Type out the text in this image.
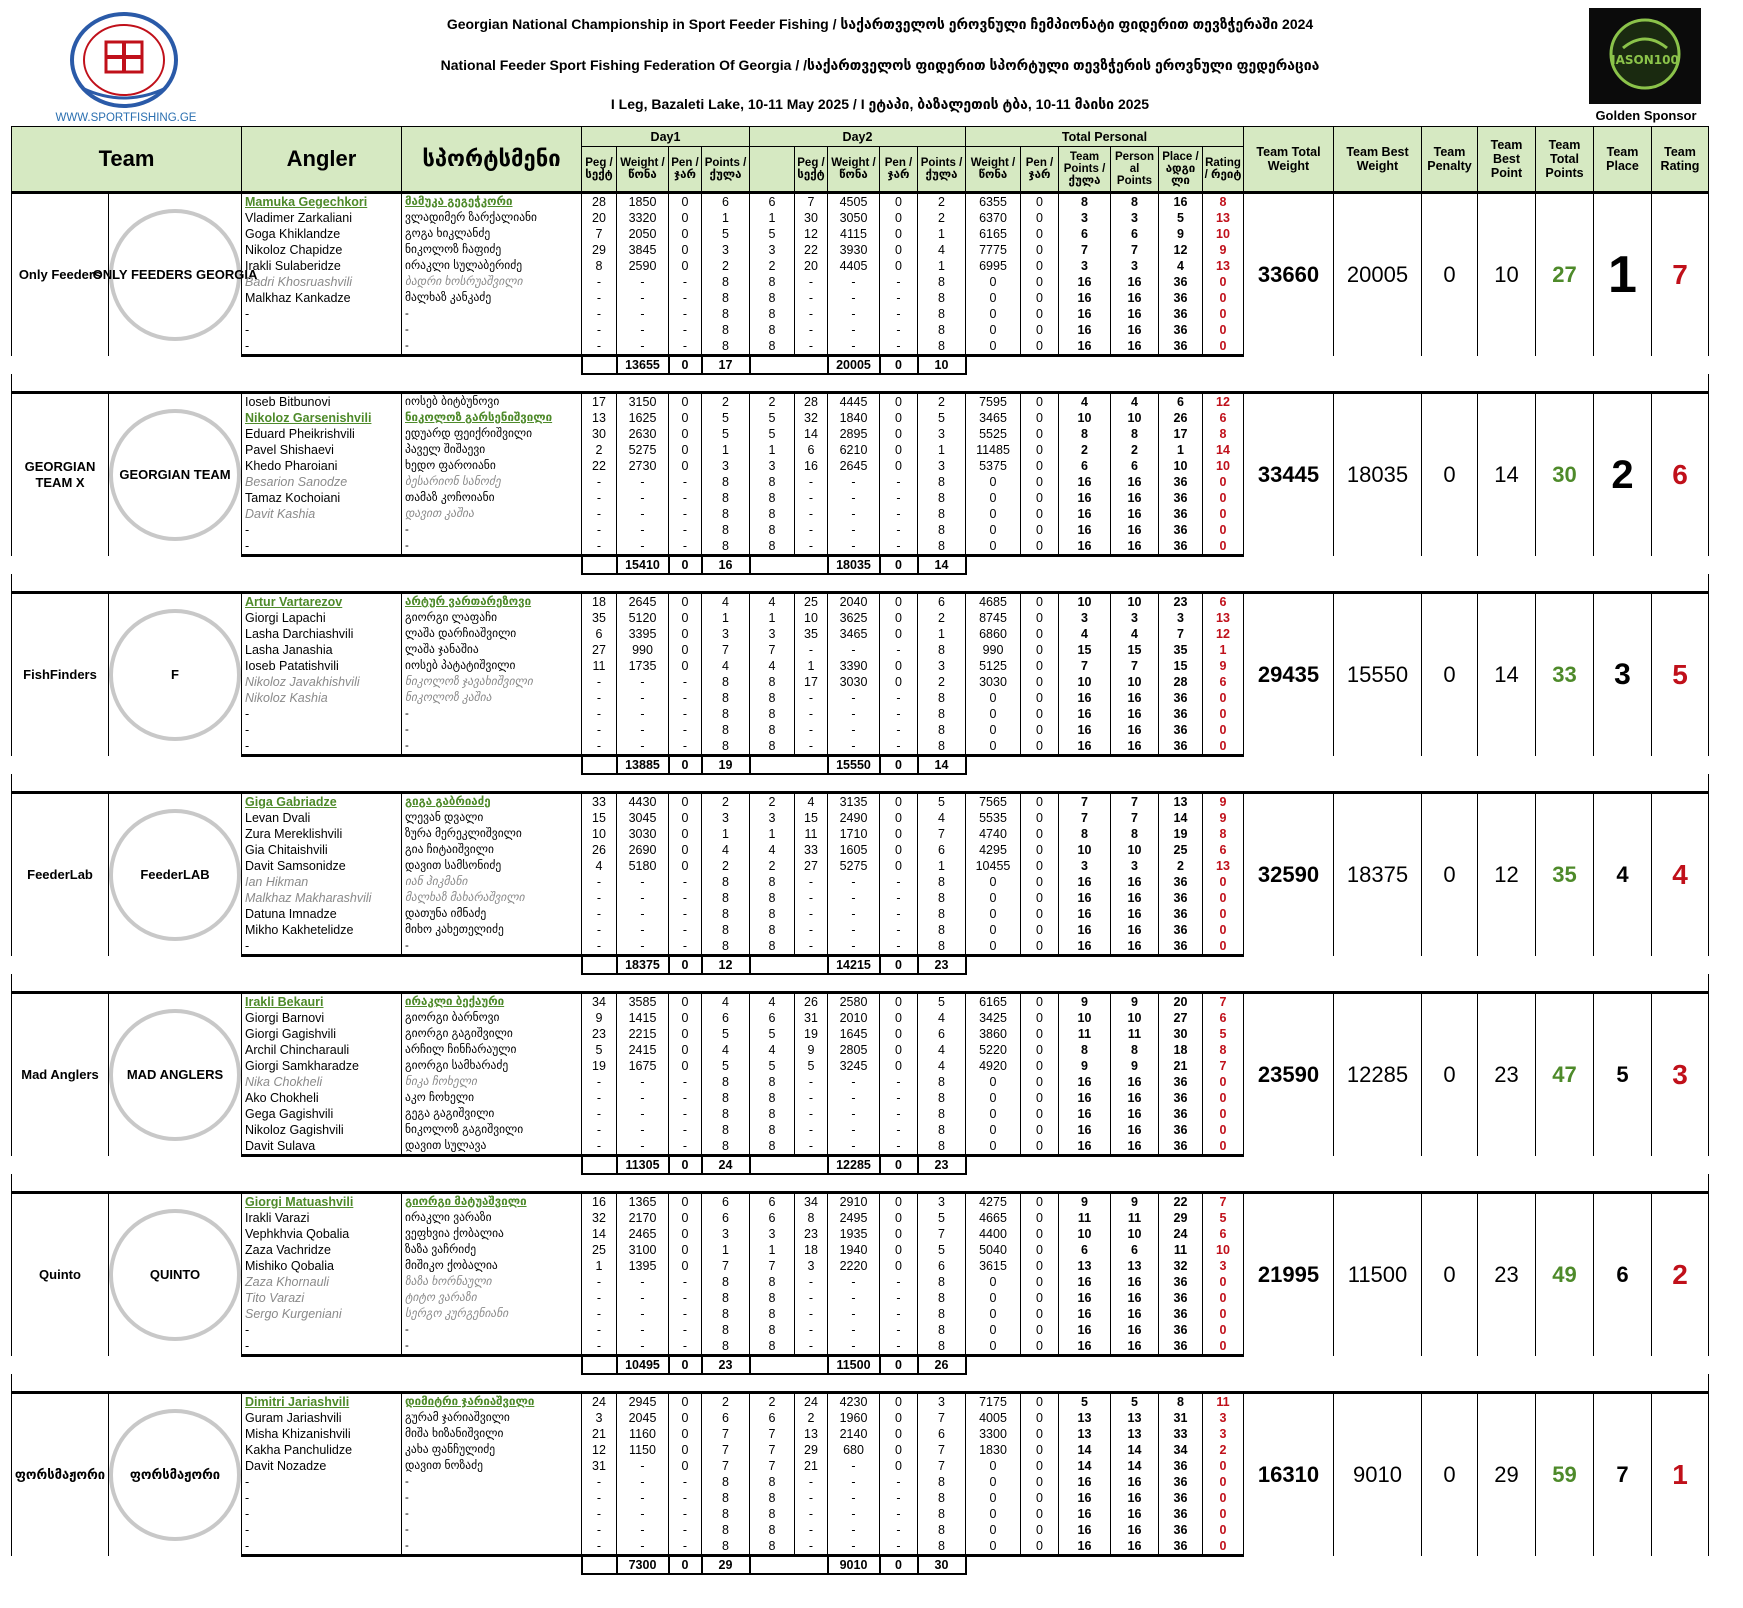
WWW.SPORTFISHING.GE
Georgian National Championship in Sport Feeder Fishing / საქართველოს ეროვნული ჩემპიონატი ფიდერით თევზჭერაში 2024
National Feeder Sport Fishing Federation Of Georgia / /საქართველოს ფიდერით სპორტული თევზჭერის ეროვნული ფედერაცია
I Leg, Bazaleti Lake, 10-11 May 2025 / I ეტაპი, ბაზალეთის ტბა, 10-11 მაისი 2025
IASON100
Golden Sponsor
Team		Angler	სპორტსმენი	Day1				Day2					Total Personal						Team Total Weight	Team Best Weight	Team Penalty	Team Best Point	Team Total Points	Team Place	Team Rating
				Peg / სექტ	Weight / წონა	Pen / ჯარ	Points / ქულა		Peg / სექტ	Weight / წონა	Pen / ჯარ	Points / ქულა	Weight / წონა	Pen / ჯარ	Team Points / ქულა	Person al Points	Place / ადგი ლი	Rating / რეიტ							
Only Feeders	ONLY FEEDERS GEORGIA	Mamuka Gegechkori	მამუკა გეგეჭკორი	28	1850	0	6	6	7	4505	0	2	6355	0	8	8	16	8	33660	20005	0	10	27	1	7
		Vladimer Zarkaliani	ვლადიმერ ზარქალიანი	20	3320	0	1	1	30	3050	0	2	6370	0	3	3	5	13							
		Goga Khiklandze	გოგა ხიკლანძე	7	2050	0	5	5	12	4115	0	1	6165	0	6	6	9	10							
		Nikoloz Chapidze	ნიკოლოზ ჩაფიძე	29	3845	0	3	3	22	3930	0	4	7775	0	7	7	12	9							
		Irakli Sulaberidze	ირაკლი სულაბერიძე	8	2590	0	2	2	20	4405	0	1	6995	0	3	3	4	13							
		Badri Khosruashvili	ბადრი ხოსრუაშვილი	-	-	-	8	8	-	-	-	8	0	0	16	16	36	0							
		Malkhaz Kankadze	მალხაზ კანკაძე	-	-	-	8	8	-	-	-	8	0	0	16	16	36	0							
		-	-	-	-	-	8	8	-	-	-	8	0	0	16	16	36	0							
		-	-	-	-	-	8	8	-	-	-	8	0	0	16	16	36	0							
		-	-	-	-	-	8	8	-	-	-	8	0	0	16	16	36	0							
					13655	0	17			20005	0	10													

GEORGIAN TEAM X	GEORGIAN TEAM	Ioseb Bitbunovi	იოსებ ბიტბუნოვი	17	3150	0	2	2	28	4445	0	2	7595	0	4	4	6	12	33445	18035	0	14	30	2	6
		Nikoloz Garsenishvili	ნიკოლოზ გარსენიშვილი	13	1625	0	5	5	32	1840	0	5	3465	0	10	10	26	6							
		Eduard Pheikrishvili	ედუარდ ფეიქრიშვილი	30	2630	0	5	5	14	2895	0	3	5525	0	8	8	17	8							
		Pavel Shishaevi	პაველ შიშაევი	2	5275	0	1	1	6	6210	0	1	11485	0	2	2	1	14							
		Khedo Pharoiani	ხედო ფაროიანი	22	2730	0	3	3	16	2645	0	3	5375	0	6	6	10	10							
		Besarion Sanodze	ბესარიონ სანოძე	-	-	-	8	8	-	-	-	8	0	0	16	16	36	0							
		Tamaz Kochoiani	თამაზ კოჩოიანი	-	-	-	8	8	-	-	-	8	0	0	16	16	36	0							
		Davit Kashia	დავით კაშია	-	-	-	8	8	-	-	-	8	0	0	16	16	36	0							
		-	-	-	-	-	8	8	-	-	-	8	0	0	16	16	36	0							
		-	-	-	-	-	8	8	-	-	-	8	0	0	16	16	36	0							
					15410	0	16			18035	0	14													

FishFinders	F	Artur Vartarezov	არტურ ვართარეზოვი	18	2645	0	4	4	25	2040	0	6	4685	0	10	10	23	6	29435	15550	0	14	33	3	5
		Giorgi Lapachi	გიორგი ლაფაჩი	35	5120	0	1	1	10	3625	0	2	8745	0	3	3	3	13							
		Lasha Darchiashvili	ლაშა დარჩიაშვილი	6	3395	0	3	3	35	3465	0	1	6860	0	4	4	7	12							
		Lasha Janashia	ლაშა ჯანაშია	27	990	0	7	7	-	-	-	8	990	0	15	15	35	1							
		Ioseb Patatishvili	იოსებ პატატიშვილი	11	1735	0	4	4	1	3390	0	3	5125	0	7	7	15	9							
		Nikoloz Javakhishvili	ნიკოლოზ ჯავახიშვილი	-	-	-	8	8	17	3030	0	2	3030	0	10	10	28	6							
		Nikoloz Kashia	ნიკოლოზ კაშია	-	-	-	8	8	-	-	-	8	0	0	16	16	36	0							
		-	-	-	-	-	8	8	-	-	-	8	0	0	16	16	36	0							
		-	-	-	-	-	8	8	-	-	-	8	0	0	16	16	36	0							
		-	-	-	-	-	8	8	-	-	-	8	0	0	16	16	36	0							
					13885	0	19			15550	0	14													

FeederLab	FeederLAB	Giga Gabriadze	გიგა გაბრიაძე	33	4430	0	2	2	4	3135	0	5	7565	0	7	7	13	9	32590	18375	0	12	35	4	4
		Levan Dvali	ლევან დვალი	15	3045	0	3	3	15	2490	0	4	5535	0	7	7	14	9							
		Zura Mereklishvili	ზურა მერეკლიშვილი	10	3030	0	1	1	11	1710	0	7	4740	0	8	8	19	8							
		Gia Chitaishvili	გია ჩიტაიშვილი	26	2690	0	4	4	33	1605	0	6	4295	0	10	10	25	6							
		Davit Samsonidze	დავით სამსონიძე	4	5180	0	2	2	27	5275	0	1	10455	0	3	3	2	13							
		Ian Hikman	იან ჰიკმანი	-	-	-	8	8	-	-	-	8	0	0	16	16	36	0							
		Malkhaz Makharashvili	მალხაზ მახარაშვილი	-	-	-	8	8	-	-	-	8	0	0	16	16	36	0							
		Datuna Imnadze	დათუნა იმნაძე	-	-	-	8	8	-	-	-	8	0	0	16	16	36	0							
		Mikho Kakhetelidze	მიხო კახეთელიძე	-	-	-	8	8	-	-	-	8	0	0	16	16	36	0							
		-	-	-	-	-	8	8	-	-	-	8	0	0	16	16	36	0							
					18375	0	12			14215	0	23													

Mad Anglers	MAD ANGLERS	Irakli Bekauri	ირაკლი ბექაური	34	3585	0	4	4	26	2580	0	5	6165	0	9	9	20	7	23590	12285	0	23	47	5	3
		Giorgi Barnovi	გიორგი ბარნოვი	9	1415	0	6	6	31	2010	0	4	3425	0	10	10	27	6							
		Giorgi Gagishvili	გიორგი გაგიშვილი	23	2215	0	5	5	19	1645	0	6	3860	0	11	11	30	5							
		Archil Chincharauli	არჩილ ჩინჩარაული	5	2415	0	4	4	9	2805	0	4	5220	0	8	8	18	8							
		Giorgi Samkharadze	გიორგი სამხარაძე	19	1675	0	5	5	5	3245	0	4	4920	0	9	9	21	7							
		Nika Chokheli	ნიკა ჩოხელი	-	-	-	8	8	-	-	-	8	0	0	16	16	36	0							
		Ako Chokheli	აკო ჩოხელი	-	-	-	8	8	-	-	-	8	0	0	16	16	36	0							
		Gega Gagishvili	გეგა გაგიშვილი	-	-	-	8	8	-	-	-	8	0	0	16	16	36	0							
		Nikoloz Gagishvili	ნიკოლოზ გაგიშვილი	-	-	-	8	8	-	-	-	8	0	0	16	16	36	0							
		Davit Sulava	დავით სულავა	-	-	-	8	8	-	-	-	8	0	0	16	16	36	0							
					11305	0	24			12285	0	23													

Quinto	QUINTO	Giorgi Matuashvili	გიორგი მატუაშვილი	16	1365	0	6	6	34	2910	0	3	4275	0	9	9	22	7	21995	11500	0	23	49	6	2
		Irakli Varazi	ირაკლი ვარაზი	32	2170	0	6	6	8	2495	0	5	4665	0	11	11	29	5							
		Vephkhvia Qobalia	ვეფხვია ქობალია	14	2465	0	3	3	23	1935	0	7	4400	0	10	10	24	6							
		Zaza Vachridze	ზაზა ვაჩრიძე	25	3100	0	1	1	18	1940	0	5	5040	0	6	6	11	10							
		Mishiko Qobalia	მიშიკო ქობალია	1	1395	0	7	7	3	2220	0	6	3615	0	13	13	32	3							
		Zaza Khornauli	ზაზა ხორნაული	-	-	-	8	8	-	-	-	8	0	0	16	16	36	0							
		Tito Varazi	ტიტო ვარაზი	-	-	-	8	8	-	-	-	8	0	0	16	16	36	0							
		Sergo Kurgeniani	სერგო კურგენიანი	-	-	-	8	8	-	-	-	8	0	0	16	16	36	0							
		-	-	-	-	-	8	8	-	-	-	8	0	0	16	16	36	0							
		-	-	-	-	-	8	8	-	-	-	8	0	0	16	16	36	0							
					10495	0	23			11500	0	26													

ფორსმაჟორი	ფორსმაჟორი	Dimitri Jariashvili	დიმიტრი ჯარიაშვილი	24	2945	0	2	2	24	4230	0	3	7175	0	5	5	8	11	16310	9010	0	29	59	7	1
		Guram Jariashvili	გურამ ჯარიაშვილი	3	2045	0	6	6	2	1960	0	7	4005	0	13	13	31	3							
		Misha Khizanishvili	მიშა ხიზანიშვილი	21	1160	0	7	7	13	2140	0	6	3300	0	13	13	33	3							
		Kakha Panchulidze	კახა ფანჩულიძე	12	1150	0	7	7	29	680	0	7	1830	0	14	14	34	2							
		Davit Nozadze	დავით ნოზაძე	31	-	0	7	7	21	-	0	7	0	0	14	14	36	0							
		-	-	-	-	-	8	8	-	-	-	8	0	0	16	16	36	0							
		-	-	-	-	-	8	8	-	-	-	8	0	0	16	16	36	0							
		-	-	-	-	-	8	8	-	-	-	8	0	0	16	16	36	0							
		-	-	-	-	-	8	8	-	-	-	8	0	0	16	16	36	0							
		-	-	-	-	-	8	8	-	-	-	8	0	0	16	16	36	0							
					7300	0	29			9010	0	30													
